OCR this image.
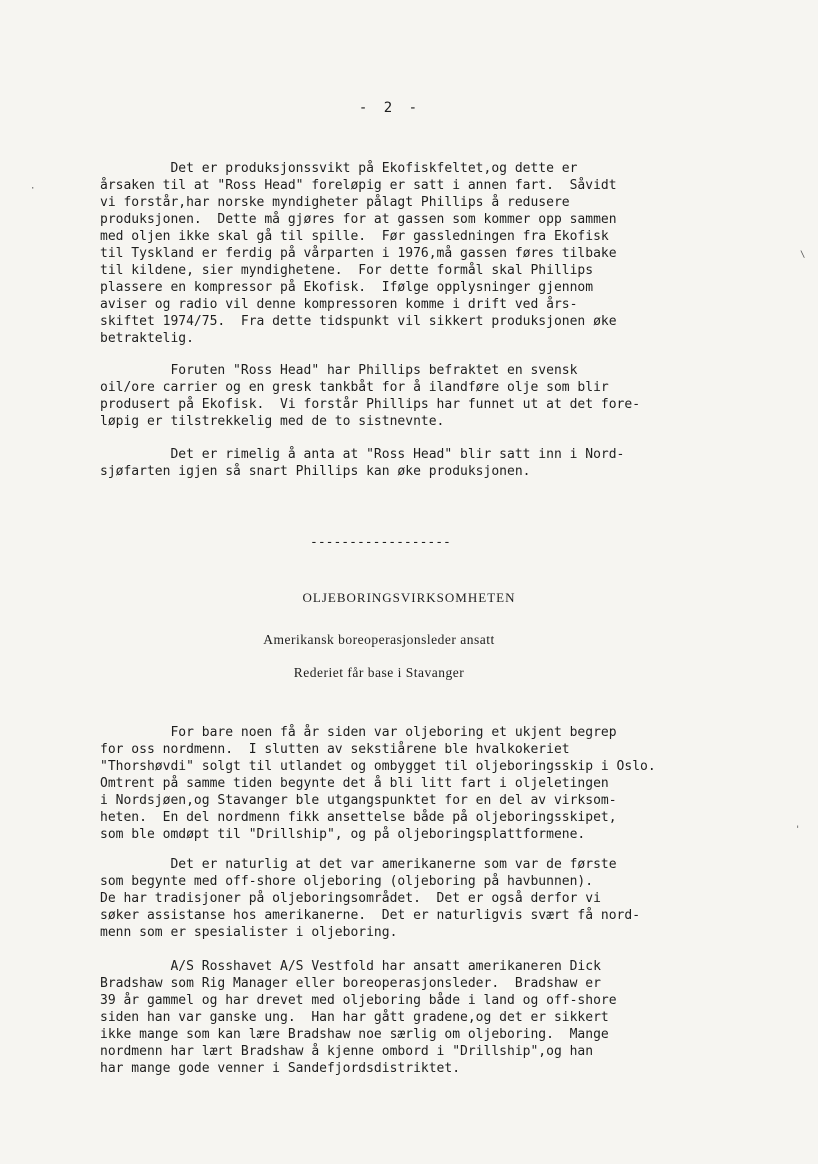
- 2 -

Det er produksjonssvikt på Ekofiskfeltet,og dette er
årsaken til at "Ross Head" foreløpig er satt i annen fart.  Såvidt
vi forstår,har norske myndigheter pålagt Phillips å redusere
produksjonen.  Dette må gjøres for at gassen som kommer opp sammen
med oljen ikke skal gå til spille.  Før gassledningen fra Ekofisk
til Tyskland er ferdig på vårparten i 1976,må gassen føres tilbake
til kildene, sier myndighetene.  For dette formål skal Phillips
plassere en kompressor på Ekofisk.  Ifølge opplysninger gjennom
aviser og radio vil denne kompressoren komme i drift ved års-
skiftet 1974/75.  Fra dette tidspunkt vil sikkert produksjonen øke
betraktelig.

Foruten "Ross Head" har Phillips befraktet en svensk
oil/ore carrier og en gresk tankbåt for å ilandføre olje som blir
produsert på Ekofisk.  Vi forstår Phillips har funnet ut at det fore-
løpig er tilstrekkelig med de to sistnevnte.

Det er rimelig å anta at "Ross Head" blir satt inn i Nord-
sjøfarten igjen så snart Phillips kan øke produksjonen.

------------------
OLJEBORINGSVIRKSOMHETEN
Amerikansk boreoperasjonsleder ansatt
Rederiet får base i Stavanger

For bare noen få år siden var oljeboring et ukjent begrep
for oss nordmenn.  I slutten av sekstiårene ble hvalkokeriet
"Thorshøvdi" solgt til utlandet og ombygget til oljeboringsskip i Oslo.
Omtrent på samme tiden begynte det å bli litt fart i oljeletingen
i Nordsjøen,og Stavanger ble utgangspunktet for en del av virksom-
heten.  En del nordmenn fikk ansettelse både på oljeboringsskipet,
som ble omdøpt til "Drillship", og på oljeboringsplattformene.

Det er naturlig at det var amerikanerne som var de første
som begynte med off-shore oljeboring (oljeboring på havbunnen).
De har tradisjoner på oljeboringsområdet.  Det er også derfor vi
søker assistanse hos amerikanerne.  Det er naturligvis svært få nord-
menn som er spesialister i oljeboring.

A/S Rosshavet A/S Vestfold har ansatt amerikaneren Dick
Bradshaw som Rig Manager eller boreoperasjonsleder.  Bradshaw er
39 år gammel og har drevet med oljeboring både i land og off-shore
siden han var ganske ung.  Han har gått gradene,og det er sikkert
ikke mange som kan lære Bradshaw noe særlig om oljeboring.  Mange
nordmenn har lært Bradshaw å kjenne ombord i "Drillship",og han
har mange gode venner i Sandefjordsdistriktet.

·
\
'
